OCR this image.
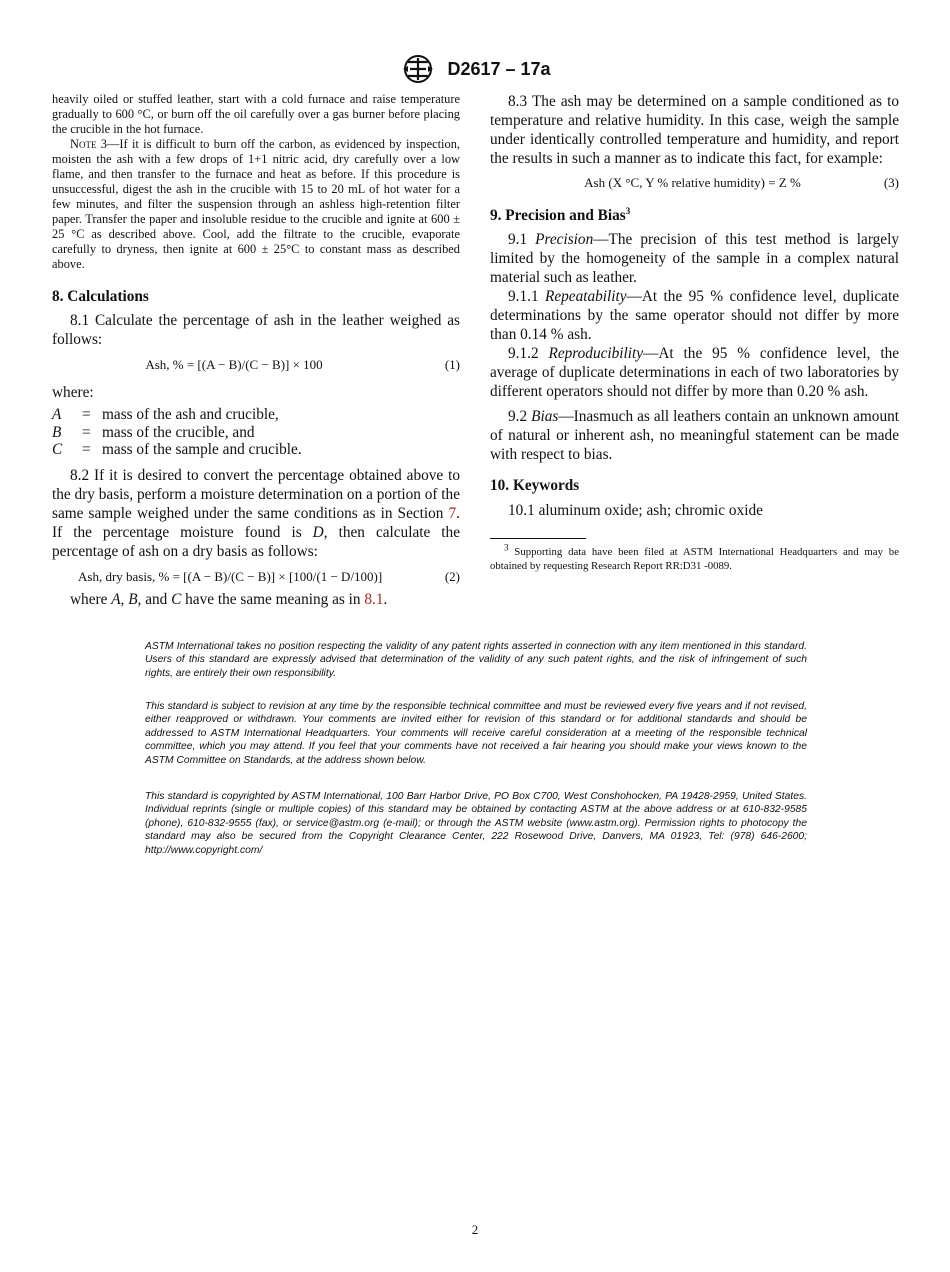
D2617 – 17a

heavily oiled or stuffed leather, start with a cold furnace and raise temperature gradually to 600 °C, or burn off the oil carefully over a gas burner before placing the crucible in the hot furnace.

Note 3—If it is difficult to burn off the carbon, as evidenced by inspection, moisten the ash with a few drops of 1+1 nitric acid, dry carefully over a low flame, and then transfer to the furnace and heat as before. If this procedure is unsuccessful, digest the ash in the crucible with 15 to 20 mL of hot water for a few minutes, and filter the suspension through an ashless high-retention filter paper. Transfer the paper and insoluble residue to the crucible and ignite at 600 ± 25 °C as described above. Cool, add the filtrate to the crucible, evaporate carefully to dryness, then ignite at 600 ± 25°C to constant mass as described above.

8. Calculations

8.1 Calculate the percentage of ash in the leather weighed as follows:

Ash, % = [(A − B)/(C − B)] × 100	(1)

where:

A	= mass of the ash and crucible,
B	= mass of the crucible, and
C	= mass of the sample and crucible.

8.2 If it is desired to convert the percentage obtained above to the dry basis, perform a moisture determination on a portion of the same sample weighed under the same conditions as in Section 7. If the percentage moisture found is D, then calculate the percentage of ash on a dry basis as follows:

Ash, dry basis, % = [(A − B)/(C − B)] × [100/(1 − D/100)]	(2)

where A, B, and C have the same meaning as in 8.1.

8.3 The ash may be determined on a sample conditioned as to temperature and relative humidity. In this case, weigh the sample under identically controlled temperature and humidity, and report the results in such a manner as to indicate this fact, for example:

Ash (X °C, Y % relative humidity) = Z %	(3)
9. Precision and Bias$^3$

9.1 Precision—The precision of this test method is largely limited by the homogeneity of the sample in a complex natural material such as leather.

9.1.1 Repeatability—At the 95 % confidence level, duplicate determinations by the same operator should not differ by more than 0.14 % ash.

9.1.2 Reproducibility—At the 95 % confidence level, the average of duplicate determinations in each of two laboratories by different operators should not differ by more than 0.20 % ash.

9.2 Bias—Inasmuch as all leathers contain an unknown amount of natural or inherent ash, no meaningful statement can be made with respect to bias.

10. Keywords

10.1 aluminum oxide; ash; chromic oxide

$^3$ Supporting data have been filed at ASTM International Headquarters and may be obtained by requesting Research Report RR:D31 -0089.

ASTM International takes no position respecting the validity of any patent rights asserted in connection with any item mentioned in this standard. Users of this standard are expressly advised that determination of the validity of any such patent rights, and the risk of infringement of such rights, are entirely their own responsibility.

This standard is subject to revision at any time by the responsible technical committee and must be reviewed every five years and if not revised, either reapproved or withdrawn. Your comments are invited either for revision of this standard or for additional standards and should be addressed to ASTM International Headquarters. Your comments will receive careful consideration at a meeting of the responsible technical committee, which you may attend. If you feel that your comments have not received a fair hearing you should make your views known to the ASTM Committee on Standards, at the address shown below.

This standard is copyrighted by ASTM International, 100 Barr Harbor Drive, PO Box C700, West Conshohocken, PA 19428-2959, United States. Individual reprints (single or multiple copies) of this standard may be obtained by contacting ASTM at the above address or at 610-832-9585 (phone), 610-832-9555 (fax), or service@astm.org (e-mail); or through the ASTM website (www.astm.org). Permission rights to photocopy the standard may also be secured from the Copyright Clearance Center, 222 Rosewood Drive, Danvers, MA 01923, Tel: (978) 646-2600; http://www.copyright.com/

2
